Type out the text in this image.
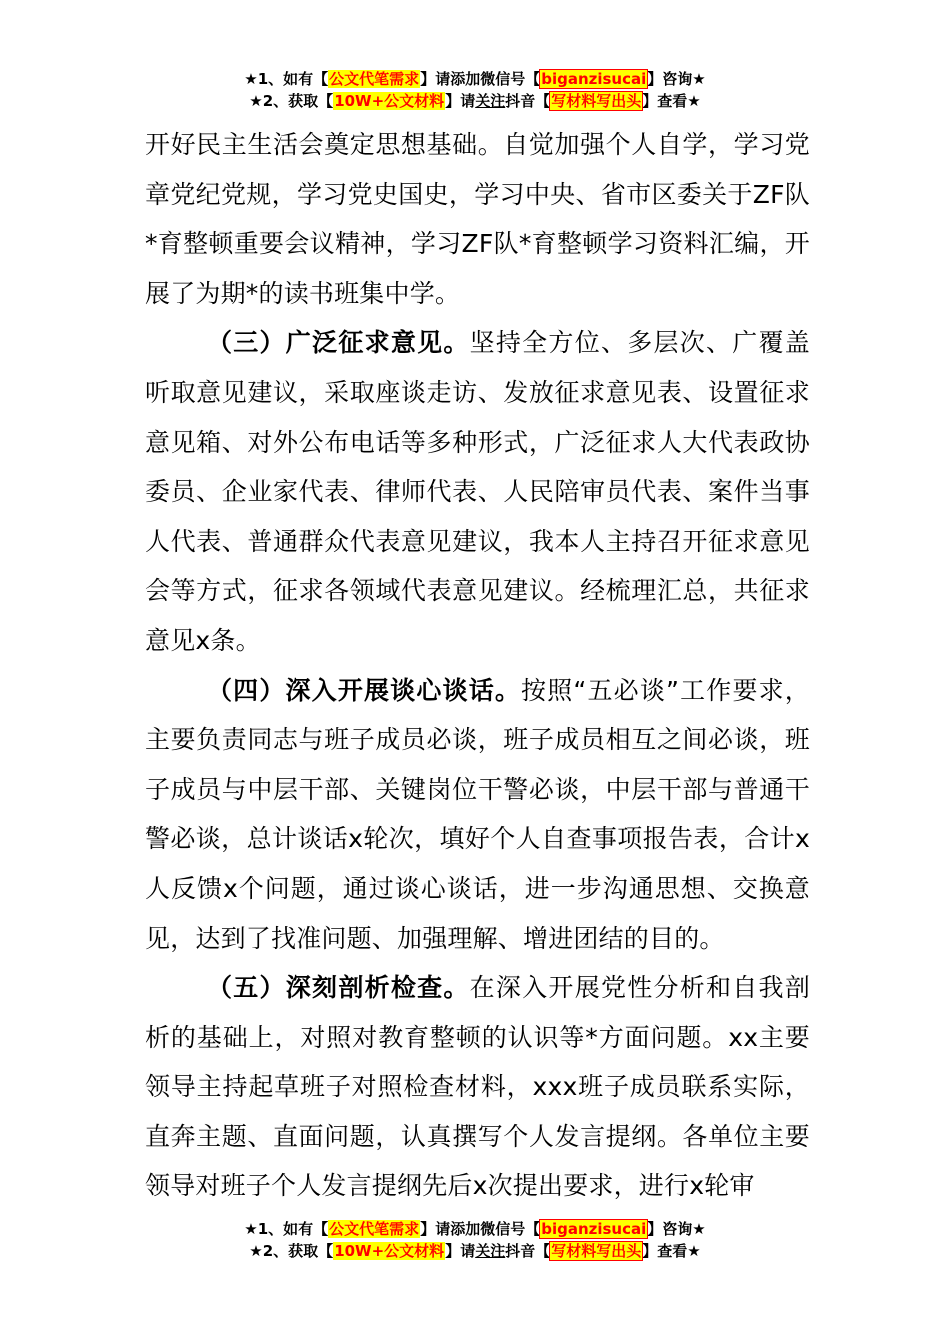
★1、如有【公文代笔需求】请添加微信号【biganzisucai】咨询★
★2、获取【10W+公文材料】请关注抖音【写材料写出头】查看★

开好民主生活会奠定思想基础。自觉加强个人自学，学习党章党纪党规，学习党史国史，学习中央、省市区委关于ZF队*育整顿重要会议精神，学习ZF队*育整顿学习资料汇编，开展了为期*的读书班集中学。

（三）广泛征求意见。坚持全方位、多层次、广覆盖听取意见建议，采取座谈走访、发放征求意见表、设置征求意见箱、对外公布电话等多种形式，广泛征求人大代表政协委员、企业家代表、律师代表、人民陪审员代表、案件当事人代表、普通群众代表意见建议，我本人主持召开征求意见会等方式，征求各领域代表意见建议。经梳理汇总，共征求意见x条。

（四）深入开展谈心谈话。按照“五必谈”工作要求，主要负责同志与班子成员必谈，班子成员相互之间必谈，班子成员与中层干部、关键岗位干警必谈，中层干部与普通干警必谈，总计谈话x轮次，填好个人自查事项报告表，合计x人反馈x个问题，通过谈心谈话，进一步沟通思想、交换意见，达到了找准问题、加强理解、增进团结的目的。

（五）深刻剖析检查。在深入开展党性分析和自我剖析的基础上，对照对教育整顿的认识等*方面问题。xx主要领导主持起草班子对照检查材料，xxx班子成员联系实际，直奔主题、直面问题，认真撰写个人发言提纲。各单位主要领导对班子个人发言提纲先后x次提出要求，进行x轮审

★1、如有【公文代笔需求】请添加微信号【biganzisucai】咨询★
★2、获取【10W+公文材料】请关注抖音【写材料写出头】查看★
